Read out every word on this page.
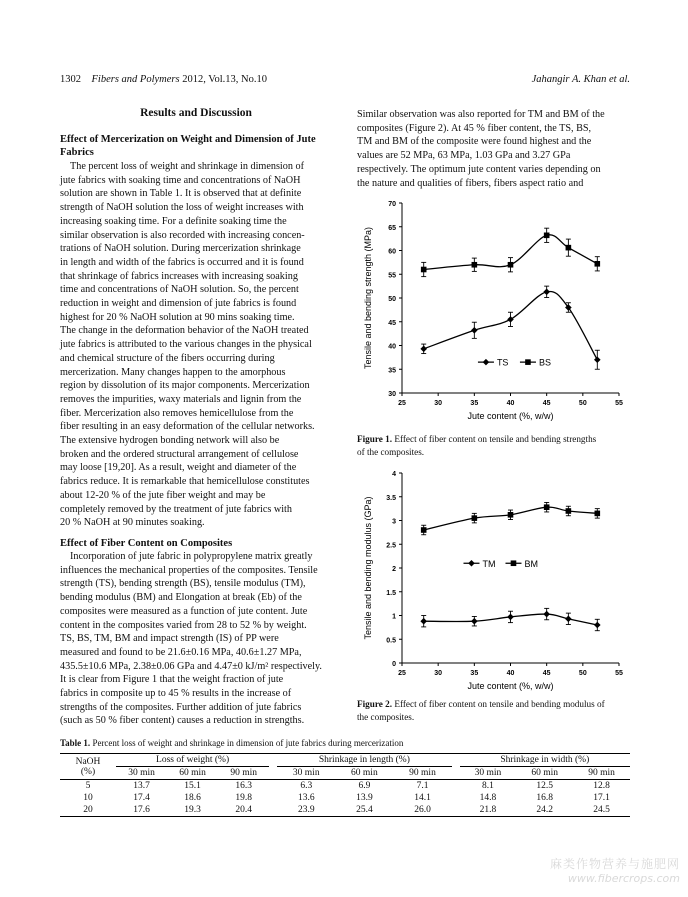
1302 Fibers and Polymers 2012, Vol.13, No.10	Jahangir A. Khan et al.
Results and Discussion
Effect of Mercerization on Weight and Dimension of Jute
Fabrics
The percent loss of weight and shrinkage in dimension of
jute fabrics with soaking time and concentrations of NaOH
solution are shown in Table 1. It is observed that at definite
strength of NaOH solution the loss of weight increases with
increasing soaking time. For a definite soaking time the
similar observation is also recorded with increasing concen-
trations of NaOH solution. During mercerization shrinkage
in length and width of the fabrics is occurred and it is found
that shrinkage of fabrics increases with increasing soaking
time and concentrations of NaOH solution. So, the percent
reduction in weight and dimension of jute fabrics is found
highest for 20 % NaOH solution at 90 mins soaking time.
The change in the deformation behavior of the NaOH treated
jute fabrics is attributed to the various changes in the physical
and chemical structure of the fibers occurring during
mercerization. Many changes happen to the amorphous
region by dissolution of its major components. Mercerization
removes the impurities, waxy materials and lignin from the
fiber. Mercerization also removes hemicellulose from the
fiber resulting in an easy deformation of the cellular networks.
The extensive hydrogen bonding network will also be
broken and the ordered structural arrangement of cellulose
may loose [19,20]. As a result, weight and diameter of the
fabrics reduce. It is remarkable that hemicellulose constitutes
about 12-20 % of the jute fiber weight and may be
completely removed by the treatment of jute fabrics with
20 % NaOH at 90 minutes soaking.
Effect of Fiber Content on Composites
Incorporation of jute fabric in polypropylene matrix greatly
influences the mechanical properties of the composites. Tensile
strength (TS), bending strength (BS), tensile modulus (TM),
bending modulus (BM) and Elongation at break (Eb) of the
composites were measured as a function of jute content. Jute
content in the composites varied from 28 to 52 % by weight.
TS, BS, TM, BM and impact strength (IS) of PP were
measured and found to be 21.6±0.16 MPa, 40.6±1.27 MPa,
435.5±10.6 MPa, 2.38±0.06 GPa and 4.47±0 kJ/m² respectively.
It is clear from Figure 1 that the weight fraction of jute
fabrics in composite up to 45 % results in the increase of
strengths of the composites. Further addition of jute fabrics
(such as 50 % fiber content) causes a reduction in strengths.
Similar observation was also reported for TM and BM of the
composites (Figure 2). At 45 % fiber content, the TS, BS,
TM and BM of the composite were found highest and the
values are 52 MPa, 63 MPa, 1.03 GPa and 3.27 GPa
respectively. The optimum jute content varies depending on
the nature and qualities of fibers, fibers aspect ratio and
30
35
40
45
50
55
60
65
70
25	30	35	40	45	50	55
Jute content (%, w/w)
Tensile and bending strength (MPa)	TS	BS
Figure 1. Effect of fiber content on tensile and bending strengths
of the composites.
0
0.5
1
1.5
2
2.5
3
3.5
4
25	30	35	40	45	50	55
Jute content (%, w/w)
Tensile and bending modulus (GPa)	TM	BM
Figure 2. Effect of fiber content on tensile and bending modulus of
the composites.
Table 1. Percent loss of weight and shrinkage in dimension of jute fabrics during mercerization
NaOH
(%)	Loss of weight (%)				Shrinkage in length (%)				Shrinkage in width (%)		
	30 min	60 min	90 min		30 min	60 min	90 min		30 min	60 min	90 min
5	13.7	15.1	16.3		6.3	6.9	7.1		8.1	12.5	12.8
10	17.4	18.6	19.8		13.6	13.9	14.1		14.8	16.8	17.1
20	17.6	19.3	20.4		23.9	25.4	26.0		21.8	24.2	24.5
麻类作物营养与施肥网
www.fibercrops.com
